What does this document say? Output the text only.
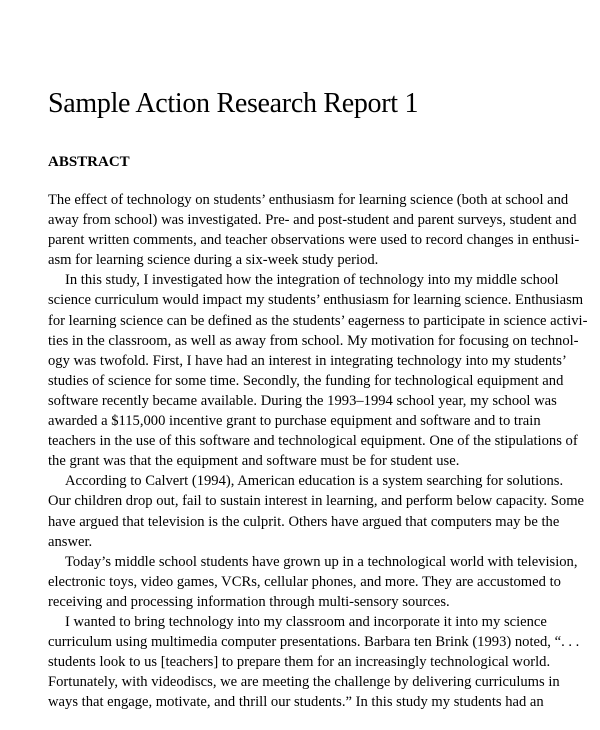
Sample Action Research Report 1
ABSTRACT
The effect of technology on students’ enthusiasm for learning science (both at school and
away from school) was investigated. Pre- and post-student and parent surveys, student and
parent written comments, and teacher observations were used to record changes in enthusi-
asm for learning science during a six-week study period.
In this study, I investigated how the integration of technology into my middle school
science curriculum would impact my students’ enthusiasm for learning science. Enthusiasm
for learning science can be defined as the students’ eagerness to participate in science activi-
ties in the classroom, as well as away from school. My motivation for focusing on technol-
ogy was twofold. First, I have had an interest in integrating technology into my students’
studies of science for some time. Secondly, the funding for technological equipment and
software recently became available. During the 1993–1994 school year, my school was
awarded a $115,000 incentive grant to purchase equipment and software and to train
teachers in the use of this software and technological equipment. One of the stipulations of
the grant was that the equipment and software must be for student use.
According to Calvert (1994), American education is a system searching for solutions.
Our children drop out, fail to sustain interest in learning, and perform below capacity. Some
have argued that television is the culprit. Others have argued that computers may be the
answer.
Today’s middle school students have grown up in a technological world with television,
electronic toys, video games, VCRs, cellular phones, and more. They are accustomed to
receiving and processing information through multi-sensory sources.
I wanted to bring technology into my classroom and incorporate it into my science
curriculum using multimedia computer presentations. Barbara ten Brink (1993) noted, “. . .
students look to us [teachers] to prepare them for an increasingly technological world.
Fortunately, with videodiscs, we are meeting the challenge by delivering curriculums in
ways that engage, motivate, and thrill our students.” In this study my students had an
